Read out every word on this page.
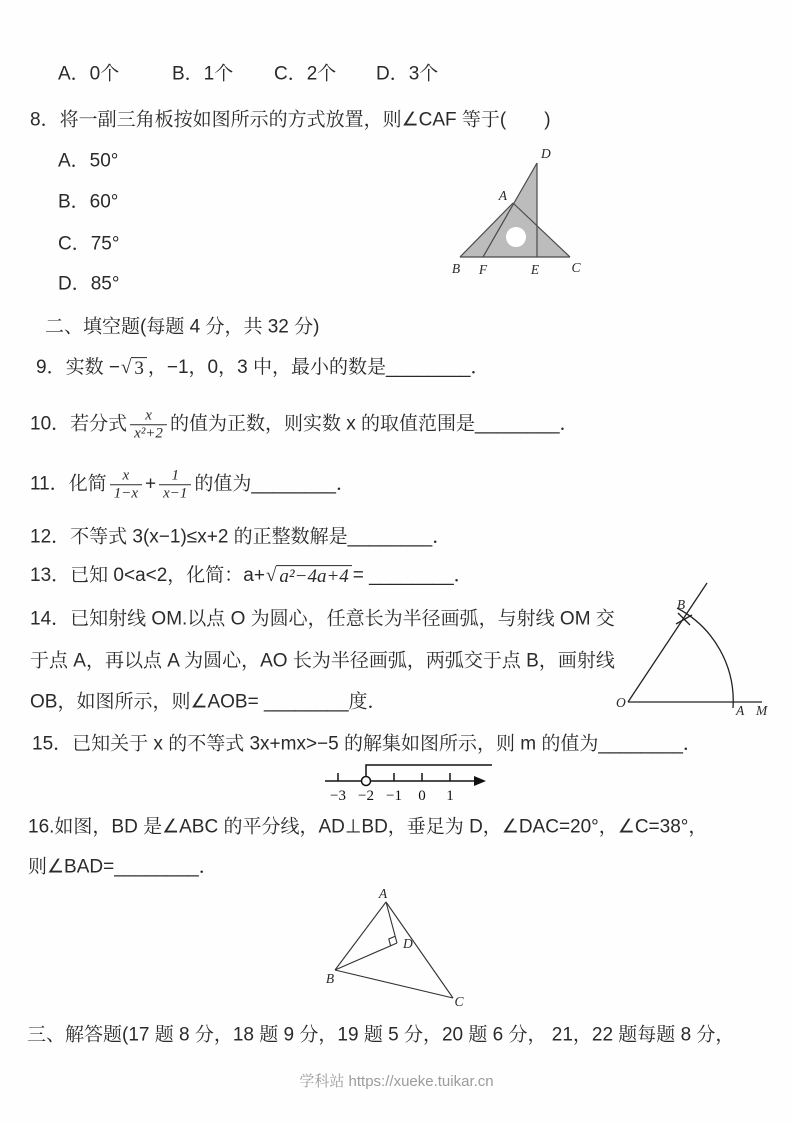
A．0个	B．1个 C．2个 D．3个
8．将一副三角板按如图所示的方式放置，则∠CAF 等于(　　)
A．50°
B．60°
C．75°
D．85°
D
A
B F	E C
二、填空题(每题 4 分，共 32 分)
9． 实数 − √ 3 ，−1，0，3 中，最小的数是________．
10． 若分式 $\frac{x}{\text{x²+2}}$ 的值为正数，则实数 x 的取值范围是________．
11． 化简 $\frac{x}{1-x} + \frac{1}{x-1}$ 的值为________．
12．不等式 3(x−1)≤x+2 的正整数解是________．
13． 已知 0<a<2，化简：a+ √ a²−4a+4 = ________．
14．已知射线 OM.以点 O 为圆心，任意长为半径画弧，与射线 OM 交
于点 A，再以点 A 为圆心，AO 长为半径画弧，两弧交于点 B，画射线
OB，如图所示，则∠AOB= ________度．	O
A M
B
15．已知关于 x 的不等式 3x+mx>−5 的解集如图所示，则 m 的值为________．
−3 −2 −1 0 1
16.如图，BD 是∠ABC 的平分线，AD⊥BD，垂足为 D，∠DAC=20°，∠C=38°，
则∠BAD=________．
A
B
C
D
三、解答题(17 题 8 分，18 题 9 分，19 题 5 分，20 题 6 分， 21，22 题每题 8 分，
学科站 https://xueke.tuikar.cn
